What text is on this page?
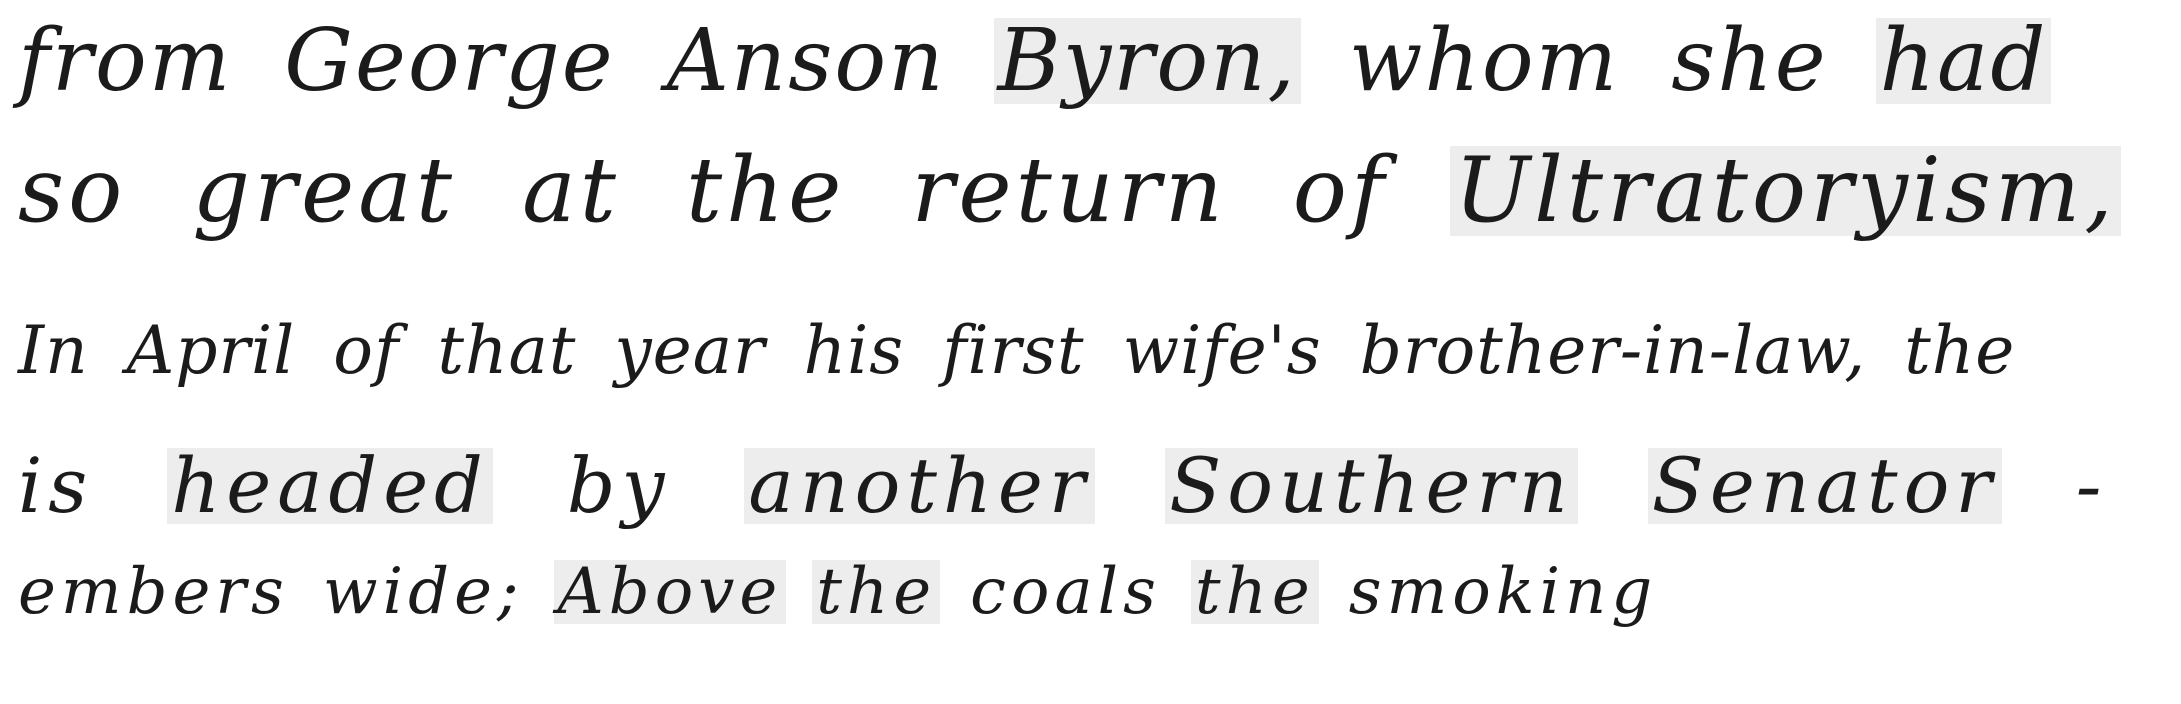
from George Anson Byron, whom she had
so great at the return of Ultratoryism,
In April of that year his first wife's brother-in-law, the
is headed by another Southern Senator -
embers wide; Above the coals the smoking
